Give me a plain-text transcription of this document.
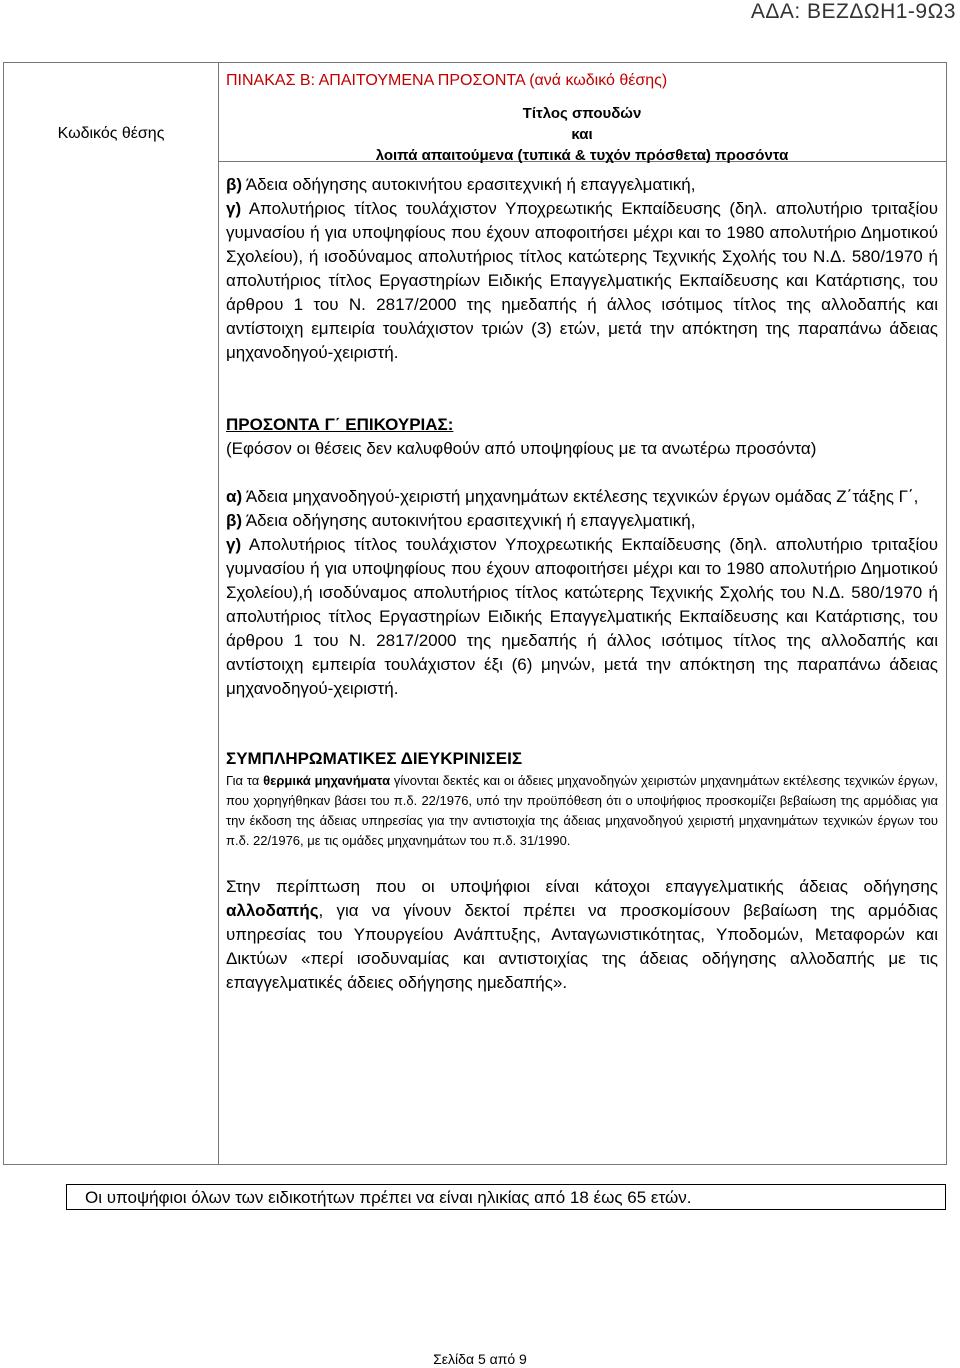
ΑΔΑ: ΒΕΖΔΩΗ1-9Ω3
Κωδικός θέσης
ΠΙΝΑΚΑΣ Β: ΑΠΑΙΤΟΥΜΕΝΑ ΠΡΟΣΟΝΤΑ (ανά κωδικό θέσης)
Τίτλος σπουδών
και
λοιπά απαιτούμενα (τυπικά & τυχόν πρόσθετα) προσόντα

β) Άδεια οδήγησης αυτοκινήτου ερασιτεχνική ή επαγγελματική,

γ) Απολυτήριος τίτλος τουλάχιστον Υποχρεωτικής Εκπαίδευσης (δηλ. απολυτήριο τριταξίου γυμνασίου ή για υποψηφίους που έχουν αποφοιτήσει μέχρι και το 1980 απολυτήριο Δημοτικού Σχολείου), ή ισοδύναμος απολυτήριος τίτλος κατώτερης Τεχνικής Σχολής του Ν.Δ. 580/1970 ή απολυτήριος τίτλος Εργαστηρίων Ειδικής Επαγγελματικής Εκπαίδευσης και Κατάρτισης, του άρθρου 1 του Ν. 2817/2000 της ημεδαπής ή άλλος ισότιμος τίτλος της αλλοδαπής και αντίστοιχη εμπειρία τουλάχιστον τριών (3) ετών, μετά την απόκτηση της παραπάνω άδειας μηχανοδηγού-χειριστή.

ΠΡΟΣΟΝΤΑ Γ΄ ΕΠΙΚΟΥΡΙΑΣ:

(Εφόσον οι θέσεις δεν καλυφθούν από υποψηφίους με τα ανωτέρω προσόντα)

α) Άδεια μηχανοδηγού-χειριστή μηχανημάτων εκτέλεσης τεχνικών έργων ομάδας Ζ΄τάξης Γ΄,

β) Άδεια οδήγησης αυτοκινήτου ερασιτεχνική ή επαγγελματική,

γ) Απολυτήριος τίτλος τουλάχιστον Υποχρεωτικής Εκπαίδευσης (δηλ. απολυτήριο τριταξίου γυμνασίου ή για υποψηφίους που έχουν αποφοιτήσει μέχρι και το 1980 απολυτήριο Δημοτικού Σχολείου),ή ισοδύναμος απολυτήριος τίτλος κατώτερης Τεχνικής Σχολής του Ν.Δ. 580/1970 ή απολυτήριος τίτλος Εργαστηρίων Ειδικής Επαγγελματικής Εκπαίδευσης και Κατάρτισης, του άρθρου 1 του Ν. 2817/2000 της ημεδαπής ή άλλος ισότιμος τίτλος της αλλοδαπής και αντίστοιχη εμπειρία τουλάχιστον έξι (6) μηνών, μετά την απόκτηση της παραπάνω άδειας μηχανοδηγού-χειριστή.

ΣΥΜΠΛΗΡΩΜΑΤΙΚΕΣ ΔΙΕΥΚΡΙΝΙΣΕΙΣ

Για τα θερμικά μηχανήματα γίνονται δεκτές και οι άδειες μηχανοδηγών χειριστών μηχανημάτων εκτέλεσης τεχνικών έργων, που χορηγήθηκαν βάσει του π.δ. 22/1976, υπό την προϋπόθεση ότι ο υποψήφιος προσκομίζει βεβαίωση της αρμόδιας για την έκδοση της άδειας υπηρεσίας για την αντιστοιχία της άδειας μηχανοδηγού χειριστή μηχανημάτων τεχνικών έργων του π.δ. 22/1976, με τις ομάδες μηχανημάτων του π.δ. 31/1990.

Στην περίπτωση που οι υποψήφιοι είναι κάτοχοι επαγγελματικής άδειας οδήγησης αλλοδαπής, για να γίνουν δεκτοί πρέπει να προσκομίσουν βεβαίωση της αρμόδιας υπηρεσίας του Υπουργείου Ανάπτυξης, Ανταγωνιστικότητας, Υποδομών, Μεταφορών και Δικτύων «περί ισοδυναμίας και αντιστοιχίας της άδειας οδήγησης αλλοδαπής με τις επαγγελματικές άδειες οδήγησης ημεδαπής».

Οι υποψήφιοι όλων των ειδικοτήτων πρέπει να είναι ηλικίας από 18 έως 65 ετών.
Σελίδα 5 από 9
